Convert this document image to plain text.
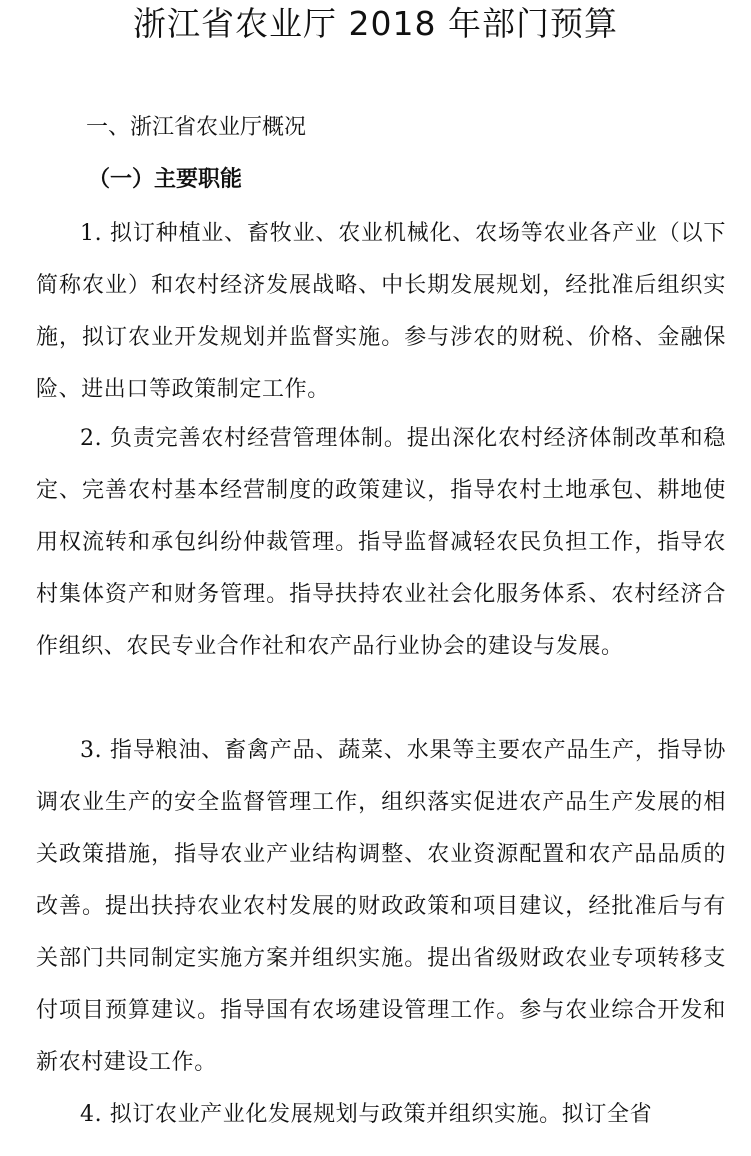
浙江省农业厅 2018 年部门预算
一、浙江省农业厅概况
（一）主要职能

1. 拟订种植业、畜牧业、农业机械化、农场等农业各产业（以下简称农业）和农村经济发展战略、中长期发展规划，经批准后组织实施，拟订农业开发规划并监督实施。参与涉农的财税、价格、金融保险、进出口等政策制定工作。

2. 负责完善农村经营管理体制。提出深化农村经济体制改革和稳定、完善农村基本经营制度的政策建议，指导农村土地承包、耕地使用权流转和承包纠纷仲裁管理。指导监督减轻农民负担工作，指导农村集体资产和财务管理。指导扶持农业社会化服务体系、农村经济合作组织、农民专业合作社和农产品行业协会的建设与发展。

3. 指导粮油、畜禽产品、蔬菜、水果等主要农产品生产，指导协调农业生产的安全监督管理工作，组织落实促进农产品生产发展的相关政策措施，指导农业产业结构调整、农业资源配置和农产品品质的改善。提出扶持农业农村发展的财政政策和项目建议，经批准后与有关部门共同制定实施方案并组织实施。提出省级财政农业专项转移支付项目预算建议。指导国有农场建设管理工作。参与农业综合开发和新农村建设工作。

4. 拟订农业产业化发展规划与政策并组织实施。拟订全省
